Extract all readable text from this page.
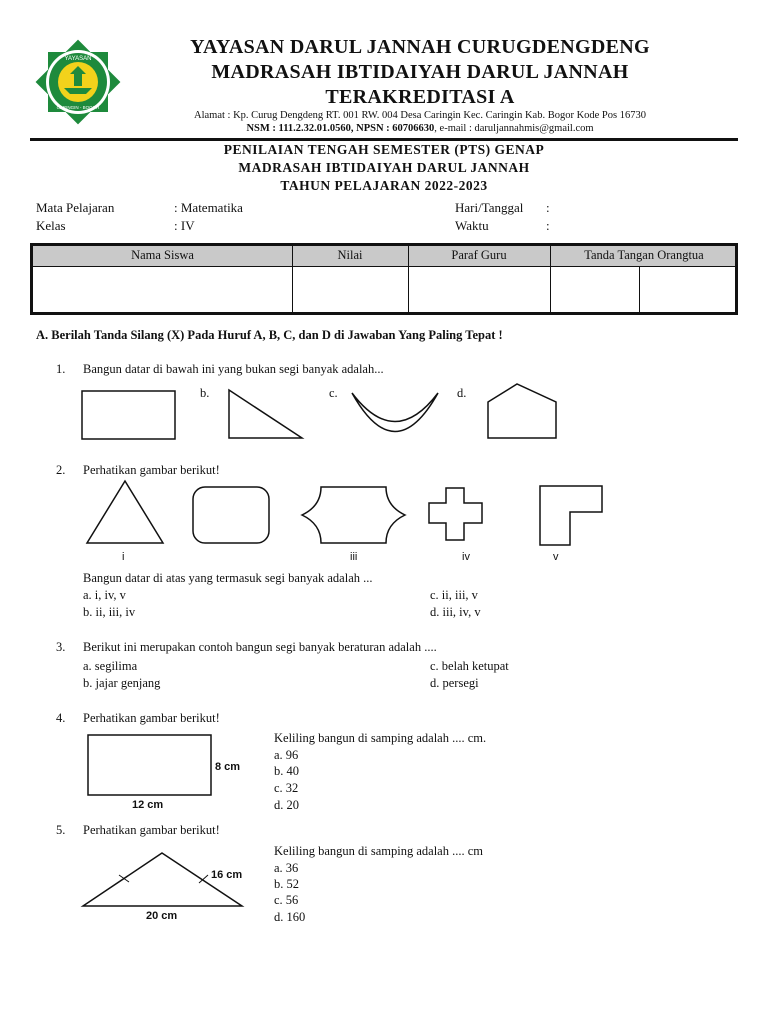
YAYASAN
CARINGIN - BOGOR
YAYASAN DARUL JANNAH CURUGDENGDENG
MADRASAH IBTIDAIYAH DARUL JANNAH
TERAKREDITASI A
Alamat : Kp. Curug Dengdeng RT. 001 RW. 004 Desa Caringin Kec. Caringin Kab. Bogor Kode Pos 16730
NSM : 111.2.32.01.0560, NPSN : 60706630, e-mail : daruljannahmis@gmail.com
PENILAIAN TENGAH SEMESTER (PTS) GENAP
MADRASAH IBTIDAIYAH DARUL JANNAH
TAHUN PELAJARAN 2022-2023
Mata Pelajaran	: Matematika
Kelas	: IV
Hari/Tanggal :
Waktu	:
Nama Siswa	Nilai	Paraf Guru	Tanda Tangan Orangtua
A. Berilah Tanda Silang (X) Pada Huruf A, B, C, dan D di Jawaban Yang Paling Tepat !
1. Bangun datar di bawah ini yang bukan segi banyak adalah...
b.	c.	d.
2. Perhatikan gambar berikut!
i	iii	iv	v
Bangun datar di atas yang termasuk segi banyak adalah ...
a. i, iv, v
b. ii, iii, iv
c. ii, iii, v
d. iii, iv, v
3. Berikut ini merupakan contoh bangun segi banyak beraturan adalah ....
a. segilima
b. jajar genjang
c. belah ketupat
d. persegi
4. Perhatikan gambar berikut!
8 cm
12 cm
Keliling bangun di samping adalah .... cm.
a. 96
b. 40
c. 32
d. 20
5. Perhatikan gambar berikut!
16 cm
20 cm
Keliling bangun di samping adalah .... cm
a. 36
b. 52
c. 56
d. 160
